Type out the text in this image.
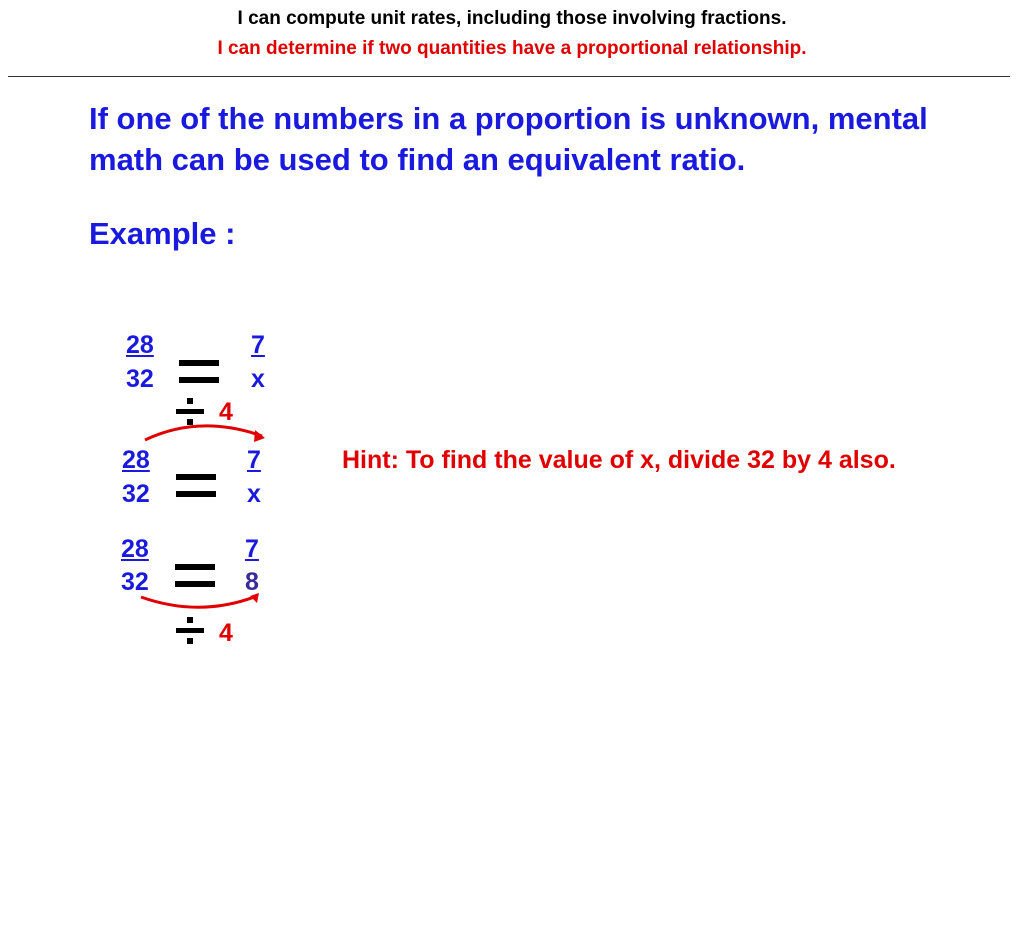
I can compute unit rates, including those involving fractions.
I can determine if two quantities have a proportional relationship.
If one of the numbers in a proportion is unknown, mental math can be used to find an equivalent ratio.
Example :
28
32
7
x
4
28
32
7
x
Hint: To find the value of x, divide 32 by 4 also.
28
32
7
8
4
